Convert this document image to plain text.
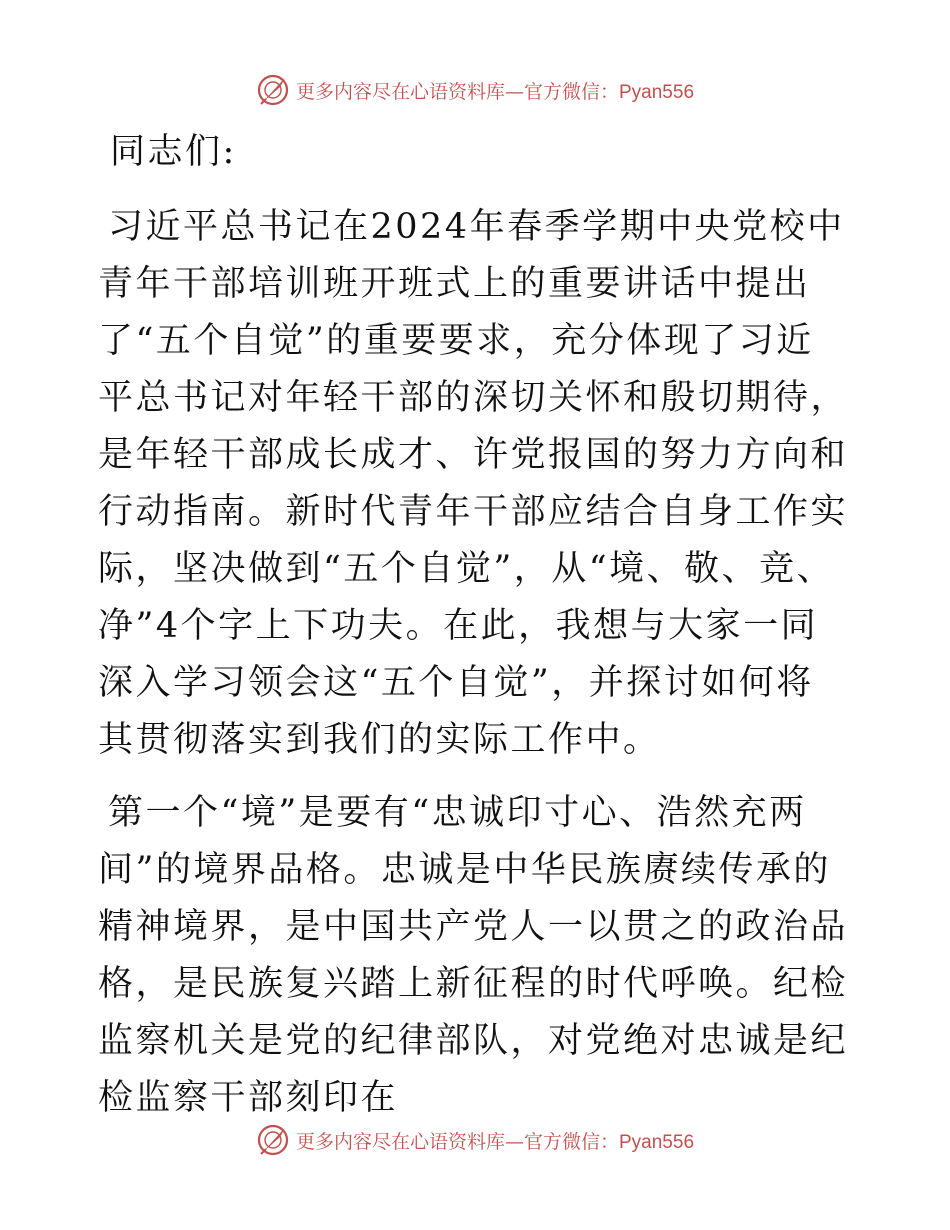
更多内容尽在心语资料库—官方微信：Pyan556

同志们:

习近平总书记在2024年春季学期中央党校中青年干部培训班开班式上的重要讲话中提出了“五个自觉”的重要要求，充分体现了习近平总书记对年轻干部的深切关怀和殷切期待，是年轻干部成长成才、许党报国的努力方向和行动指南。新时代青年干部应结合自身工作实际，坚决做到“五个自觉”，从“境、敬、竞、净”4个字上下功夫。在此，我想与大家一同深入学习领会这“五个自觉”，并探讨如何将其贯彻落实到我们的实际工作中。

第一个“境”是要有“忠诚印寸心、浩然充两间”的境界品格。忠诚是中华民族赓续传承的精神境界，是中国共产党人一以贯之的政治品格，是民族复兴踏上新征程的时代呼唤。纪检监察机关是党的纪律部队，对党绝对忠诚是纪检监察干部刻印在

更多内容尽在心语资料库—官方微信：Pyan556
